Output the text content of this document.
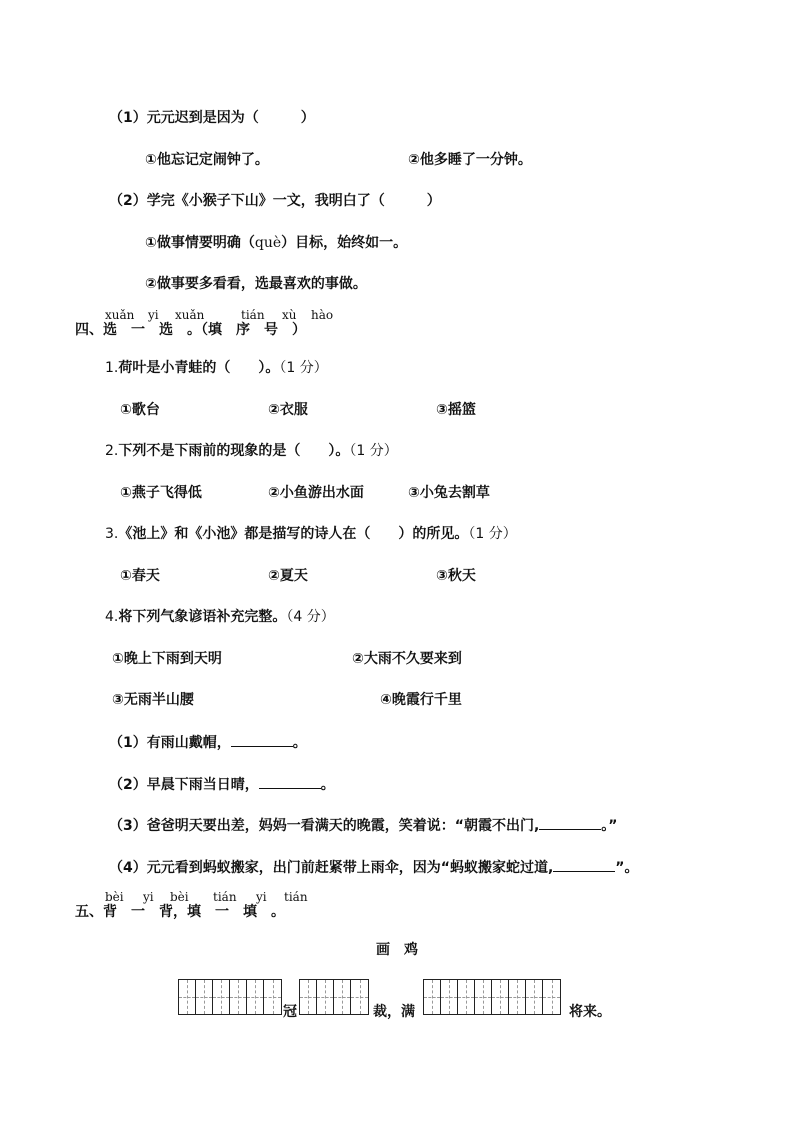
（1）元元迟到是因为（　　　）
①他忘记定闹钟了。	②他多睡了一分钟。
（2）学完《小猴子下山》一文，我明白了（　　　）
①做事情要明确（què）目标，始终如一。
②做事要多看看，选最喜欢的事做。
xuǎn yi xuǎn	tián xù hào
四、选　一　选　。（填　序　号　）
1.荷叶是小青蛙的（　　）。（1 分）
①歌台	②衣服	③摇篮
2.下列不是下雨前的现象的是（　　）。（1 分）
①燕子飞得低	②小鱼游出水面	③小兔去割草
3.《池上》和《小池》都是描写的诗人在（　　）的所见。（1 分）
①春天	②夏天	③秋天
4.将下列气象谚语补充完整。（4 分）
①晚上下雨到天明	②大雨不久要来到
③无雨半山腰	④晚霞行千里
（1）有雨山戴帽，	。
（2）早晨下雨当日晴，	。
（3）爸爸明天要出差，妈妈一看满天的晚霞，笑着说：“朝霞不出门,	。”
（4）元元看到蚂蚁搬家，出门前赶紧带上雨伞，因为“蚂蚁搬家蛇过道,	”。
bèi yi bèi tián yi tián
五、背　一　背，填　一　填　。
画　鸡
冠	裁，满	将来。
